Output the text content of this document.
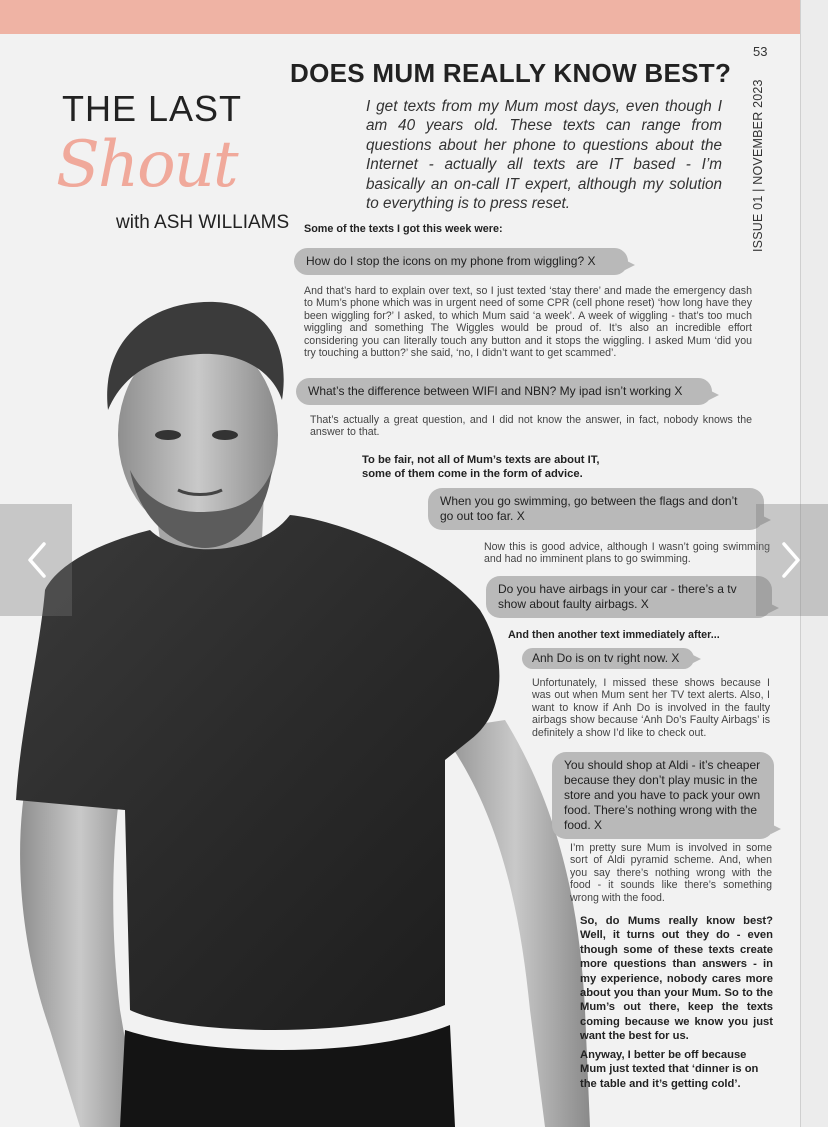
53
ISSUE 01 | NOVEMBER 2023
DOES MUM REALLY KNOW BEST?
I get texts from my Mum most days, even though I am 40 years old. These texts can range from questions about her phone to questions about the Internet - actually all texts are IT based - I’m basically an on-call IT expert, although my solution to everything is to press reset.
THE LAST
Shout
with ASH WILLIAMS Some of the texts I got this week were:
How do I stop the icons on my phone from wiggling? X
And that’s hard to explain over text, so I just texted ‘stay there’ and made the emergency dash to Mum’s phone which was in urgent need of some CPR (cell phone reset) ‘how long have they been wiggling for?’ I asked, to which Mum said ‘a week’. A week of wiggling - that’s too much wiggling and something The Wiggles would be proud of. It’s also an incredible effort considering you can literally touch any button and it stops the wiggling. I asked Mum ‘did you try touching a button?’ she said, ‘no, I didn’t want to get scammed’.
What’s the difference between WIFI and NBN? My ipad isn’t working X
That’s actually a great question, and I did not know the answer, in fact, nobody knows the answer to that.
To be fair, not all of Mum’s texts are about IT, some of them come in the form of advice.
When you go swimming, go between the flags and don’t go out too far. X
Now this is good advice, although I wasn’t going swimming and had no imminent plans to go swimming.
Do you have airbags in your car - there’s a tv show about faulty airbags. X
And then another text immediately after...
Anh Do is on tv right now. X
Unfortunately, I missed these shows because I was out when Mum sent her TV text alerts. Also, I want to know if Anh Do is involved in the faulty airbags show because ‘Anh Do’s Faulty Airbags’ is definitely a show I’d like to check out.
You should shop at Aldi - it’s cheaper because they don’t play music in the store and you have to pack your own food. There’s nothing wrong with the food. X
I’m pretty sure Mum is involved in some sort of Aldi pyramid scheme. And, when you say there’s nothing wrong with the food - it sounds like there’s something wrong with the food.
So, do Mums really know best? Well, it turns out they do - even though some of these texts create more questions than answers - in my experience, nobody cares more about you than your Mum. So to the Mum’s out there, keep the texts coming because we know you just want the best for us.
Anyway, I better be off because Mum just texted that ‘dinner is on the table and it’s getting cold’.
